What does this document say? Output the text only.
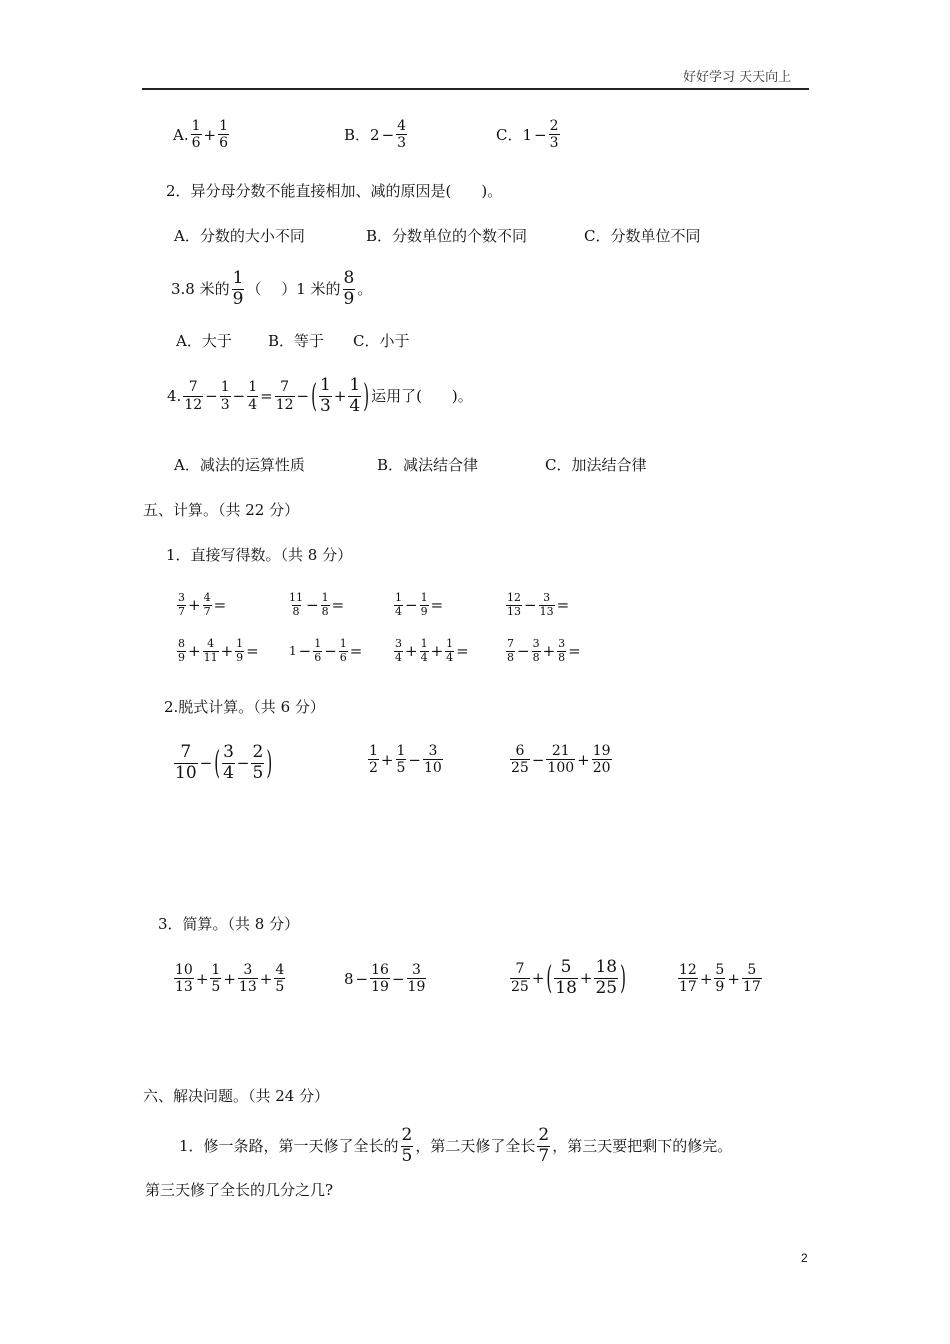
好好学习 天天向上
A. $\frac{1}{6} + \frac{1}{6}$	B．$2 - \frac{4}{3}$	C．$1 - \frac{2}{3}$
2．异分母分数不能直接相加、减的原因是(　　)。
A．分数的大小不同	B．分数单位的个数不同	C．分数单位不同
3.8 米的 $\frac{1}{9}$ （　 ）1 米的 $\frac{8}{9}$ 。
A．大于 B．等于 C．小于
4. $\frac{7}{12} - \frac{1}{3} - \frac{1}{4} = \frac{7}{12}$ − ( $\frac{1}{3} + \frac{1}{4}$ ) 运用了(　　)。
A．减法的运算性质	B．减法结合律	C．加法结合律
五、计算。（共 22 分）
1．直接写得数。（共 8 分）
$\frac{3}{7} + \frac{4}{7}$ =	$\frac{11}{8} - \frac{1}{8}$ =	$\frac{1}{4} - \frac{1}{9}$ =	$\frac{12}{13} - \frac{3}{13}$ =
$\frac{8}{9} + \frac{4}{11} + \frac{1}{9}$ =	$1 - \frac{1}{6} - \frac{1}{6}$ =	$\frac{3}{4} + \frac{1}{4} + \frac{1}{4}$ =	$\frac{7}{8} - \frac{3}{8} + \frac{3}{8}$ =
2.脱式计算。（共 6 分）
$\frac{7}{10}$ − ( $\frac{3}{4} - \frac{2}{5}$ )	$\frac{1}{2} + \frac{1}{5} - \frac{3}{10}$	$\frac{6}{25} - \frac{21}{100} + \frac{19}{20}$
3．简算。（共 8 分）
$\frac{10}{13} + \frac{1}{5} + \frac{3}{13} + \frac{4}{5}$	$8 - \frac{16}{19} - \frac{3}{19}$	$\frac{7}{25}$ + ( $\frac{5}{18} + \frac{18}{25}$ )	$\frac{12}{17} + \frac{5}{9} + \frac{5}{17}$
六、解决问题。（共 24 分）
1．修一条路，第一天修了全长的 $\frac{2}{5}$ ，第二天修了全长 $\frac{2}{7}$ ，第三天要把剩下的修完。
第三天修了全长的几分之几?
2
